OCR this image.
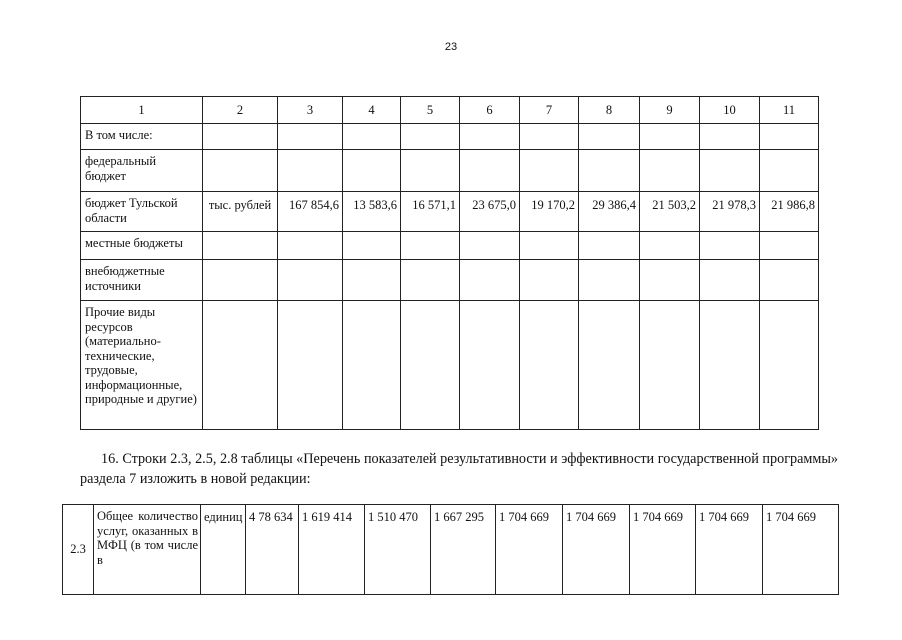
23
1	2	3	4	5	6	7	8	9	10	11
В том числе:										
федеральный бюджет										
бюджет Тульской области	тыс. рублей	167 854,6	13 583,6	16 571,1	23 675,0	19 170,2	29 386,4	21 503,2	21 978,3	21 986,8
местные бюджеты										
внебюджетные источники										
Прочие виды ресурсов (материально-технические, трудовые, информационные, природные и другие)										

16. Строки 2.3, 2.5, 2.8 таблицы «Перечень показателей результативности и эффективности государственной программы» раздела 7 изложить в новой редакции:

2.3	Общее количество услуг, оказанных в МФЦ (в том числе в	единиц	4 78 634	1 619 414	1 510 470	1 667 295	1 704 669	1 704 669	1 704 669	1 704 669	1 704 669
